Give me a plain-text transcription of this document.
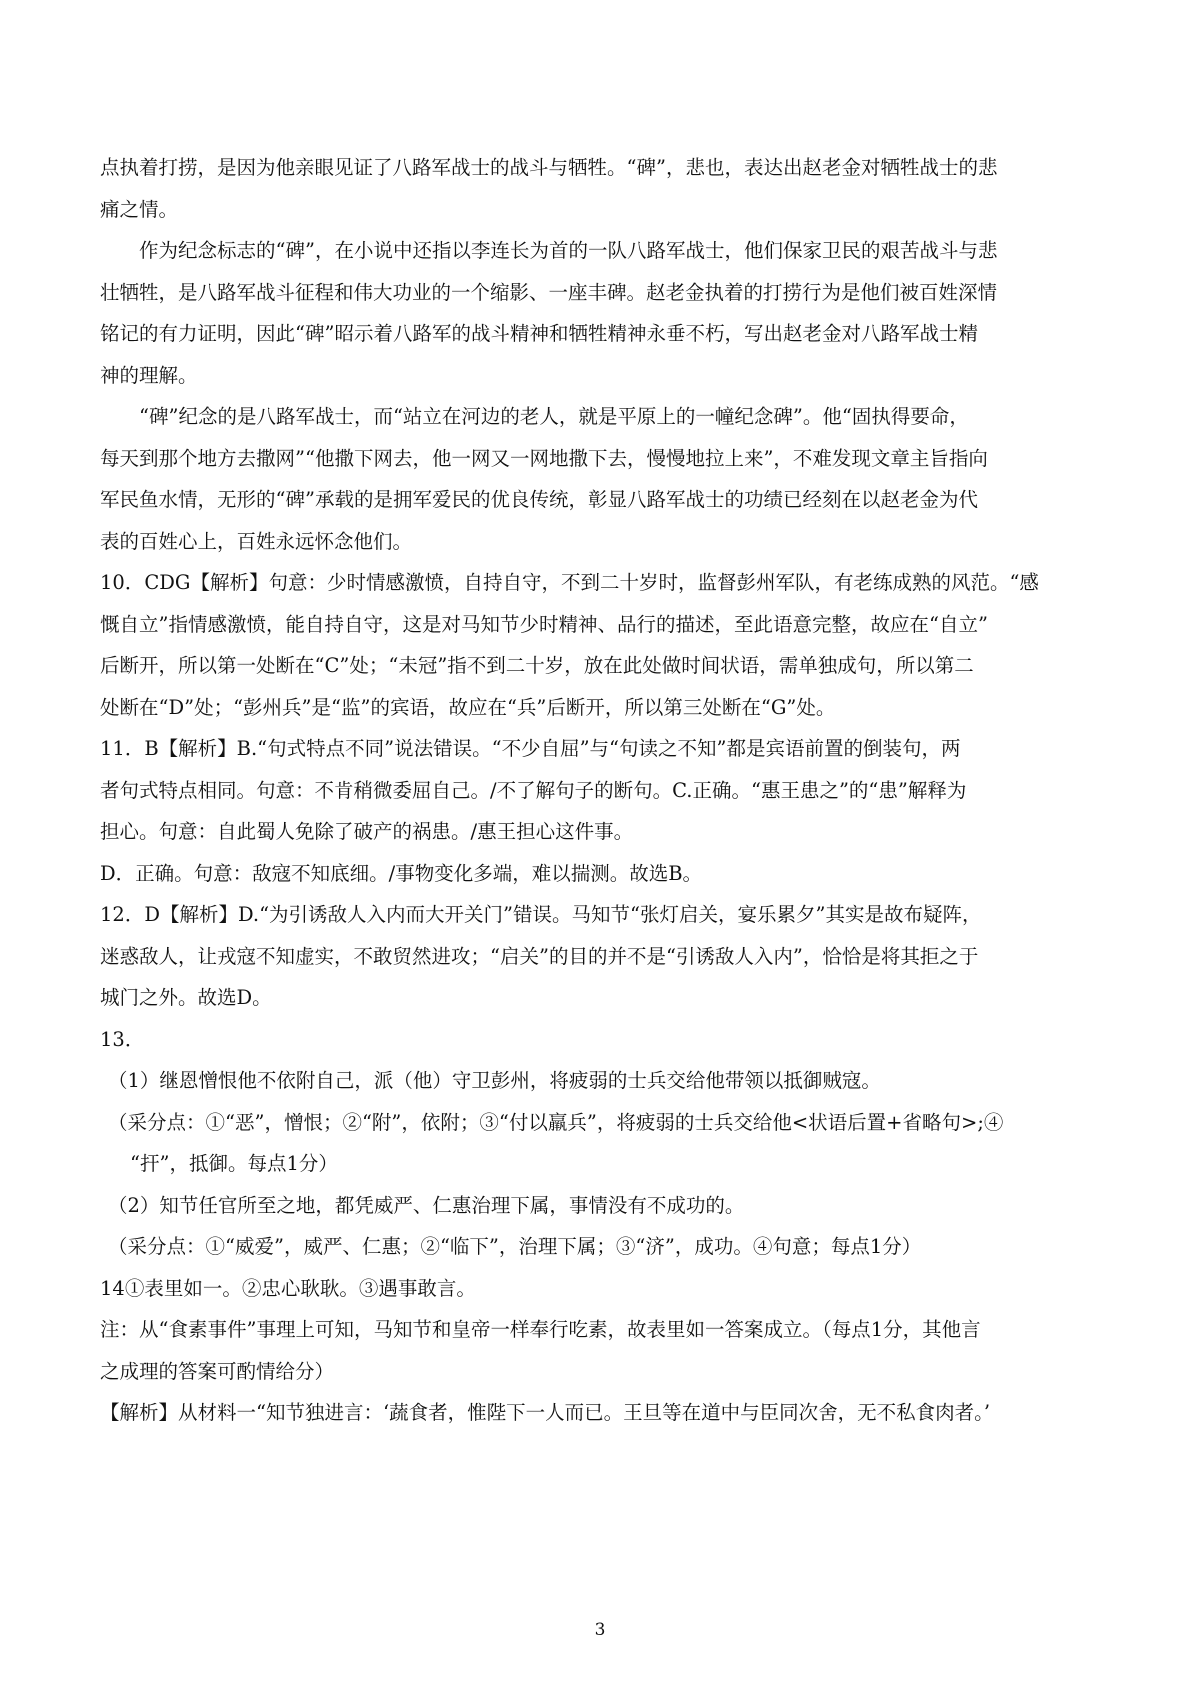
点执着打捞，是因为他亲眼见证了八路军战士的战斗与牺牲。“碑”，悲也，表达出赵老金对牺牲战士的悲
痛之情。
作为纪念标志的“碑”，在小说中还指以李连长为首的一队八路军战士，他们保家卫民的艰苦战斗与悲
壮牺牲，是八路军战斗征程和伟大功业的一个缩影、一座丰碑。赵老金执着的打捞行为是他们被百姓深情
铭记的有力证明，因此“碑”昭示着八路军的战斗精神和牺牲精神永垂不朽，写出赵老金对八路军战士精
神的理解。
“碑”纪念的是八路军战士，而“站立在河边的老人，就是平原上的一幢纪念碑”。他“固执得要命，
每天到那个地方去撒网”“他撒下网去，他一网又一网地撒下去，慢慢地拉上来”，不难发现文章主旨指向
军民鱼水情，无形的“碑”承载的是拥军爱民的优良传统，彰显八路军战士的功绩已经刻在以赵老金为代
表的百姓心上，百姓永远怀念他们。
10．CDG【解析】句意：少时情感激愤，自持自守，不到二十岁时，监督彭州军队，有老练成熟的风范。“感
慨自立”指情感激愤，能自持自守，这是对马知节少时精神、品行的描述，至此语意完整，故应在“自立”
后断开，所以第一处断在“C”处；“未冠”指不到二十岁，放在此处做时间状语，需单独成句，所以第二
处断在“D”处；“彭州兵”是“监”的宾语，故应在“兵”后断开，所以第三处断在“G”处。
11．B【解析】B.“句式特点不同”说法错误。“不少自屈”与“句读之不知”都是宾语前置的倒装句，两
者句式特点相同。句意：不肯稍微委屈自己。/不了解句子的断句。C.正确。“惠王患之”的“患”解释为
担心。句意：自此蜀人免除了破产的祸患。/惠王担心这件事。
D．正确。句意：敌寇不知底细。/事物变化多端，难以揣测。故选B。
12．D【解析】D.“为引诱敌人入内而大开关门”错误。马知节“张灯启关，宴乐累夕”其实是故布疑阵，
迷惑敌人，让戎寇不知虚实，不敢贸然进攻；“启关”的目的并不是“引诱敌人入内”，恰恰是将其拒之于
城门之外。故选D。
13．
（1）继恩憎恨他不依附自己，派（他）守卫彭州，将疲弱的士兵交给他带领以抵御贼寇。
（采分点：①“恶”，憎恨；②“附”，依附；③“付以羸兵”，将疲弱的士兵交给他<状语后置+省略句>;④
“扞”，抵御。每点1分）
（2）知节任官所至之地，都凭威严、仁惠治理下属，事情没有不成功的。
（采分点：①“威爱”，威严、仁惠；②“临下”，治理下属；③“济”，成功。④句意；每点1分）
14①表里如一。②忠心耿耿。③遇事敢言。
注：从“食素事件”事理上可知，马知节和皇帝一样奉行吃素，故表里如一答案成立。（每点1分，其他言
之成理的答案可酌情给分）
【解析】从材料一“知节独进言：‘蔬食者，惟陛下一人而已。王旦等在道中与臣同次舍，无不私食肉者。’
3
